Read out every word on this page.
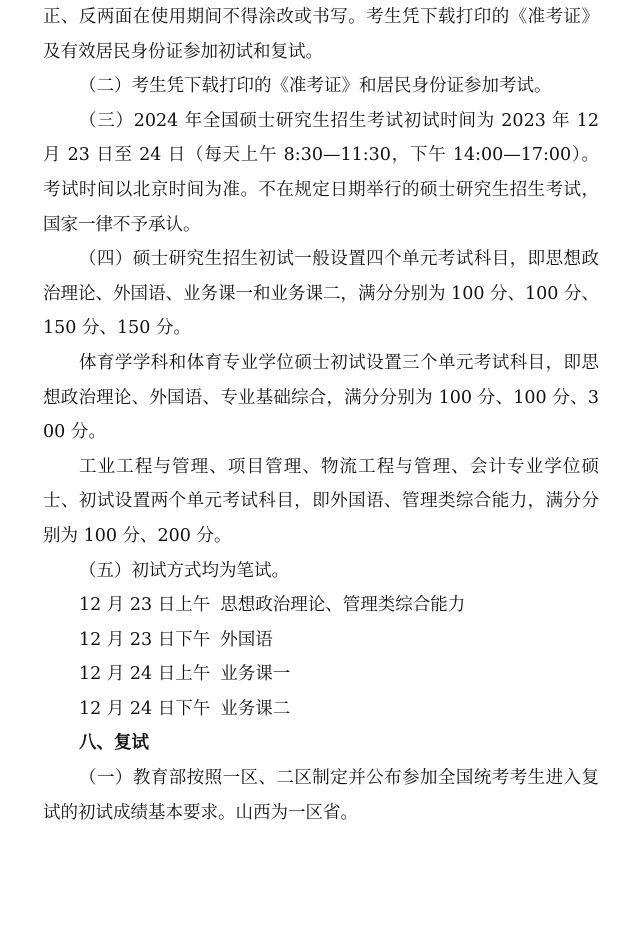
正、反两面在使用期间不得涂改或书写。考生凭下载打印的《准考证》及有效居民身份证参加初试和复试。

（二）考生凭下载打印的《准考证》和居民身份证参加考试。

（三）2024 年全国硕士研究生招生考试初试时间为 2023 年 12 月 23 日至 24 日（每天上午 8:30—11:30，下午 14:00—17:00）。考试时间以北京时间为准。不在规定日期举行的硕士研究生招生考试，国家一律不予承认。

（四）硕士研究生招生初试一般设置四个单元考试科目，即思想政治理论、外国语、业务课一和业务课二，满分分别为 100 分、100 分、150 分、150 分。

体育学学科和体育专业学位硕士初试设置三个单元考试科目，即思想政治理论、外国语、专业基础综合，满分分别为 100 分、100 分、300 分。

工业工程与管理、项目管理、物流工程与管理、会计专业学位硕士、初试设置两个单元考试科目，即外国语、管理类综合能力，满分分别为 100 分、200 分。

（五）初试方式均为笔试。

12 月 23 日上午 思想政治理论、管理类综合能力
12 月 23 日下午 外国语
12 月 24 日上午 业务课一
12 月 24 日下午 业务课二
八、复试

（一）教育部按照一区、二区制定并公布参加全国统考考生进入复试的初试成绩基本要求。山西为一区省。
